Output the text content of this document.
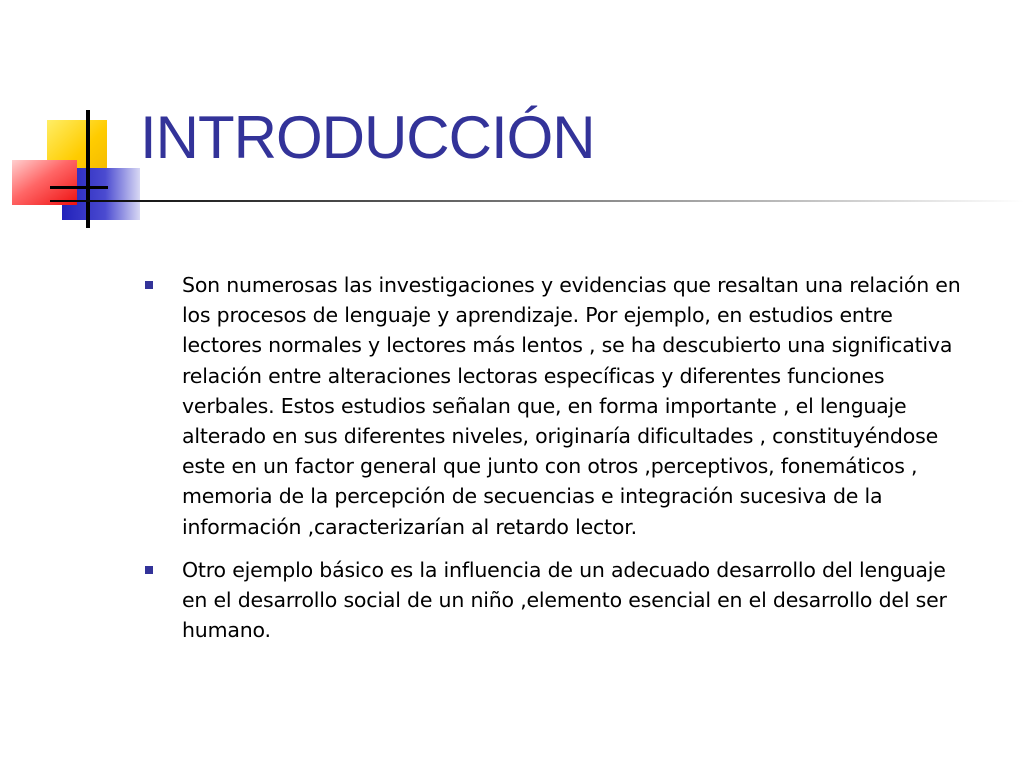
INTRODUCCIÓN
Son numerosas las investigaciones y evidencias que resaltan una relación en los procesos de lenguaje y aprendizaje. Por ejemplo, en estudios entre lectores normales y lectores más lentos , se ha descubierto una significativa relación entre alteraciones lectoras específicas y diferentes funciones verbales. Estos estudios señalan que, en forma importante , el lenguaje alterado en sus diferentes niveles, originaría dificultades , constituyéndose este en un factor general que junto con otros ,perceptivos, fonemáticos , memoria de la percepción de secuencias e integración sucesiva de la información ,caracterizarían al retardo lector.
Otro ejemplo básico es la influencia de un adecuado desarrollo del lenguaje en el desarrollo social de un niño ,elemento esencial en el desarrollo del ser humano.
